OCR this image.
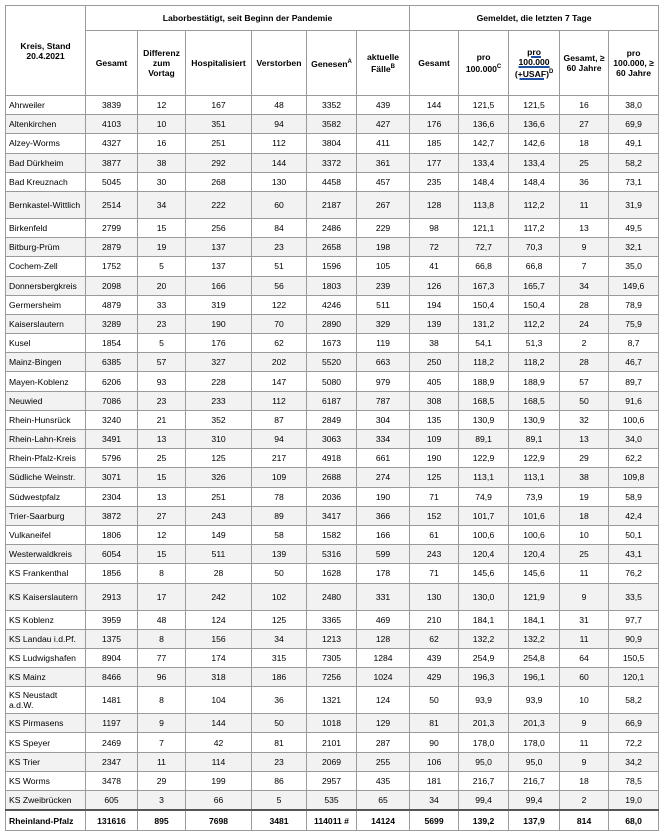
Kreis, Stand 20.4.2021	Laborbestätigt, seit Beginn der Pandemie						Gemeldet, die letzten 7 Tage				
	Gesamt	Differenz zum Vortag	Hospitalisiert	Verstorben	Genesen$^A$	aktuelle Fälle$^B$	Gesamt	pro $100.000^C$	pro 100.000 (+USAF)$^D$	Gesamt, ≥ 60 Jahre	pro 100.000, ≥ 60 Jahre
Ahrweiler	3839	12	167	48	3352	439	144	121,5	121,5	16	38,0
Altenkirchen	4103	10	351	94	3582	427	176	136,6	136,6	27	69,9
Alzey-Worms	4327	16	251	112	3804	411	185	142,7	142,6	18	49,1
Bad Dürkheim	3877	38	292	144	3372	361	177	133,4	133,4	25	58,2
Bad Kreuznach	5045	30	268	130	4458	457	235	148,4	148,4	36	73,1
Bernkastel-Wittlich	2514	34	222	60	2187	267	128	113,8	112,2	11	31,9
Birkenfeld	2799	15	256	84	2486	229	98	121,1	117,2	13	49,5
Bitburg-Prüm	2879	19	137	23	2658	198	72	72,7	70,3	9	32,1
Cochem-Zell	1752	5	137	51	1596	105	41	66,8	66,8	7	35,0
Donnersbergkreis	2098	20	166	56	1803	239	126	167,3	165,7	34	149,6
Germersheim	4879	33	319	122	4246	511	194	150,4	150,4	28	78,9
Kaiserslautern	3289	23	190	70	2890	329	139	131,2	112,2	24	75,9
Kusel	1854	5	176	62	1673	119	38	54,1	51,3	2	8,7
Mainz-Bingen	6385	57	327	202	5520	663	250	118,2	118,2	28	46,7
Mayen-Koblenz	6206	93	228	147	5080	979	405	188,9	188,9	57	89,7
Neuwied	7086	23	233	112	6187	787	308	168,5	168,5	50	91,6
Rhein-Hunsrück	3240	21	352	87	2849	304	135	130,9	130,9	32	100,6
Rhein-Lahn-Kreis	3491	13	310	94	3063	334	109	89,1	89,1	13	34,0
Rhein-Pfalz-Kreis	5796	25	125	217	4918	661	190	122,9	122,9	29	62,2
Südliche Weinstr.	3071	15	326	109	2688	274	125	113,1	113,1	38	109,8
Südwestpfalz	2304	13	251	78	2036	190	71	74,9	73,9	19	58,9
Trier-Saarburg	3872	27	243	89	3417	366	152	101,7	101,6	18	42,4
Vulkaneifel	1806	12	149	58	1582	166	61	100,6	100,6	10	50,1
Westerwaldkreis	6054	15	511	139	5316	599	243	120,4	120,4	25	43,1
KS Frankenthal	1856	8	28	50	1628	178	71	145,6	145,6	11	76,2
KS Kaiserslautern	2913	17	242	102	2480	331	130	130,0	121,9	9	33,5
KS Koblenz	3959	48	124	125	3365	469	210	184,1	184,1	31	97,7
KS Landau i.d.Pf.	1375	8	156	34	1213	128	62	132,2	132,2	11	90,9
KS Ludwigshafen	8904	77	174	315	7305	1284	439	254,9	254,8	64	150,5
KS Mainz	8466	96	318	186	7256	1024	429	196,3	196,1	60	120,1
KS Neustadt a.d.W.	1481	8	104	36	1321	124	50	93,9	93,9	10	58,2
KS Pirmasens	1197	9	144	50	1018	129	81	201,3	201,3	9	66,9
KS Speyer	2469	7	42	81	2101	287	90	178,0	178,0	11	72,2
KS Trier	2347	11	114	23	2069	255	106	95,0	95,0	9	34,2
KS Worms	3478	29	199	86	2957	435	181	216,7	216,7	18	78,5
KS Zweibrücken	605	3	66	5	535	65	34	99,4	99,4	2	19,0
Rheinland-Pfalz	131616	895	7698	3481	114011 #	14124	5699	139,2	137,9	814	68,0
